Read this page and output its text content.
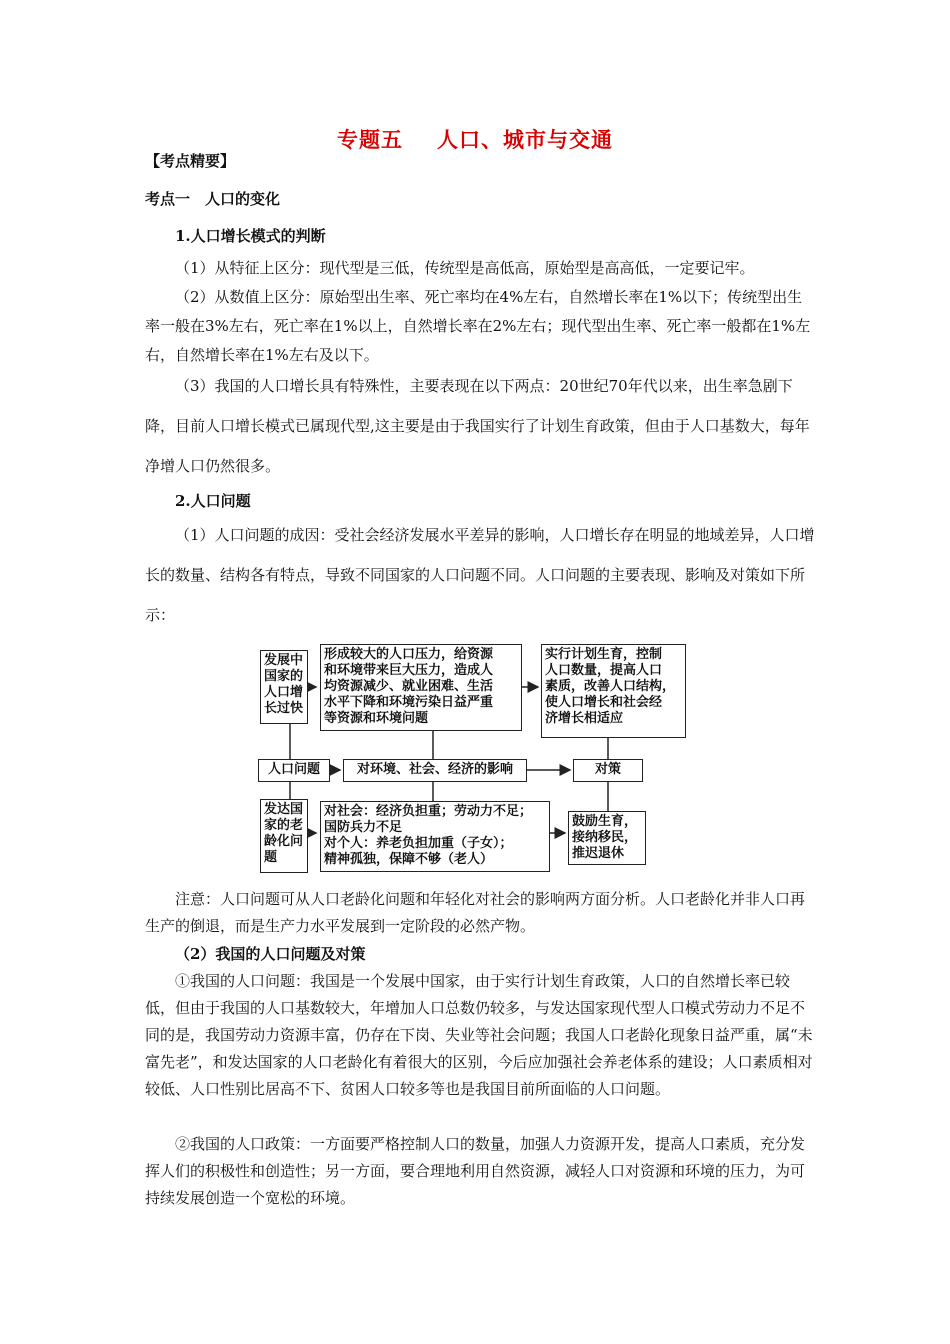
专题五 人口、城市与交通
【考点精要】
考点一　人口的变化
1.人口增长模式的判断

（1）从特征上区分：现代型是三低，传统型是高低高，原始型是高高低，一定要记牢。

（2）从数值上区分：原始型出生率、死亡率均在4%左右，自然增长率在1%以下；传统型出生率一般在3%左右，死亡率在1%以上，自然增长率在2%左右；现代型出生率、死亡率一般都在1%左右，自然增长率在1%左右及以下。

（3）我国的人口增长具有特殊性，主要表现在以下两点：20世纪70年代以来，出生率急剧下降，目前人口增长模式已属现代型,这主要是由于我国实行了计划生育政策，但由于人口基数大，每年净增人口仍然很多。

2.人口问题

（1）人口问题的成因：受社会经济发展水平差异的影响，人口增长存在明显的地域差异，人口增长的数量、结构各有特点，导致不同国家的人口问题不同。人口问题的主要表现、影响及对策如下所示：

发展中
国家的
人口增
长过快
形成较大的人口压力，给资源
和环境带来巨大压力，造成人
均资源减少、就业困难、生活
水平下降和环境污染日益严重
等资源和环境问题
实行计划生育，控制
人口数量，提高人口
素质，改善人口结构，
使人口增长和社会经
济增长相适应
人口问题	对环境、社会、经济的影响	对策
发达国
家的老
龄化问
题
对社会：经济负担重；劳动力不足；
国防兵力不足
对个人：养老负担加重（子女）；
精神孤独，保障不够（老人）
鼓励生育，
接纳移民，
推迟退休

注意：人口问题可从人口老龄化问题和年轻化对社会的影响两方面分析。人口老龄化并非人口再生产的倒退，而是生产力水平发展到一定阶段的必然产物。

（2）我国的人口问题及对策

①我国的人口问题：我国是一个发展中国家，由于实行计划生育政策，人口的自然增长率已较低，但由于我国的人口基数较大，年增加人口总数仍较多，与发达国家现代型人口模式劳动力不足不同的是，我国劳动力资源丰富，仍存在下岗、失业等社会问题；我国人口老龄化现象日益严重，属“未富先老”，和发达国家的人口老龄化有着很大的区别，今后应加强社会养老体系的建设；人口素质相对较低、人口性别比居高不下、贫困人口较多等也是我国目前所面临的人口问题。

②我国的人口政策：一方面要严格控制人口的数量，加强人力资源开发，提高人口素质，充分发挥人们的积极性和创造性；另一方面，要合理地利用自然资源，减轻人口对资源和环境的压力，为可持续发展创造一个宽松的环境。
